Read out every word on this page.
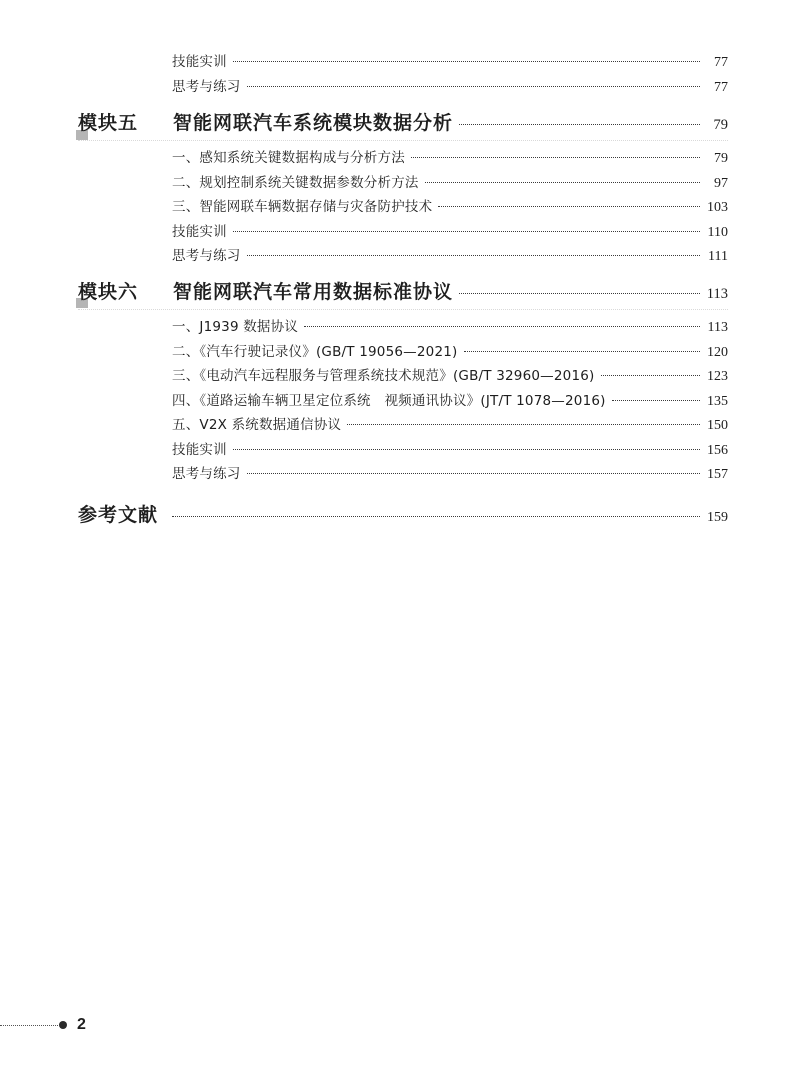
技能实训	77
思考与练习	77
模块五	智能网联汽车系统模块数据分析	79
一、感知系统关键数据构成与分析方法	79
二、规划控制系统关键数据参数分析方法	97
三、智能网联车辆数据存储与灾备防护技术	103
技能实训	110
思考与练习	111
模块六	智能网联汽车常用数据标准协议	113
一、J1939 数据协议	113
二、《汽车行驶记录仪》(GB/T 19056—2021)	120
三、《电动汽车远程服务与管理系统技术规范》(GB/T 32960—2016)	123
四、《道路运输车辆卫星定位系统　视频通讯协议》(JT/T 1078—2016)	135
五、V2X 系统数据通信协议	150
技能实训	156
思考与练习	157
参考文献	159
2
